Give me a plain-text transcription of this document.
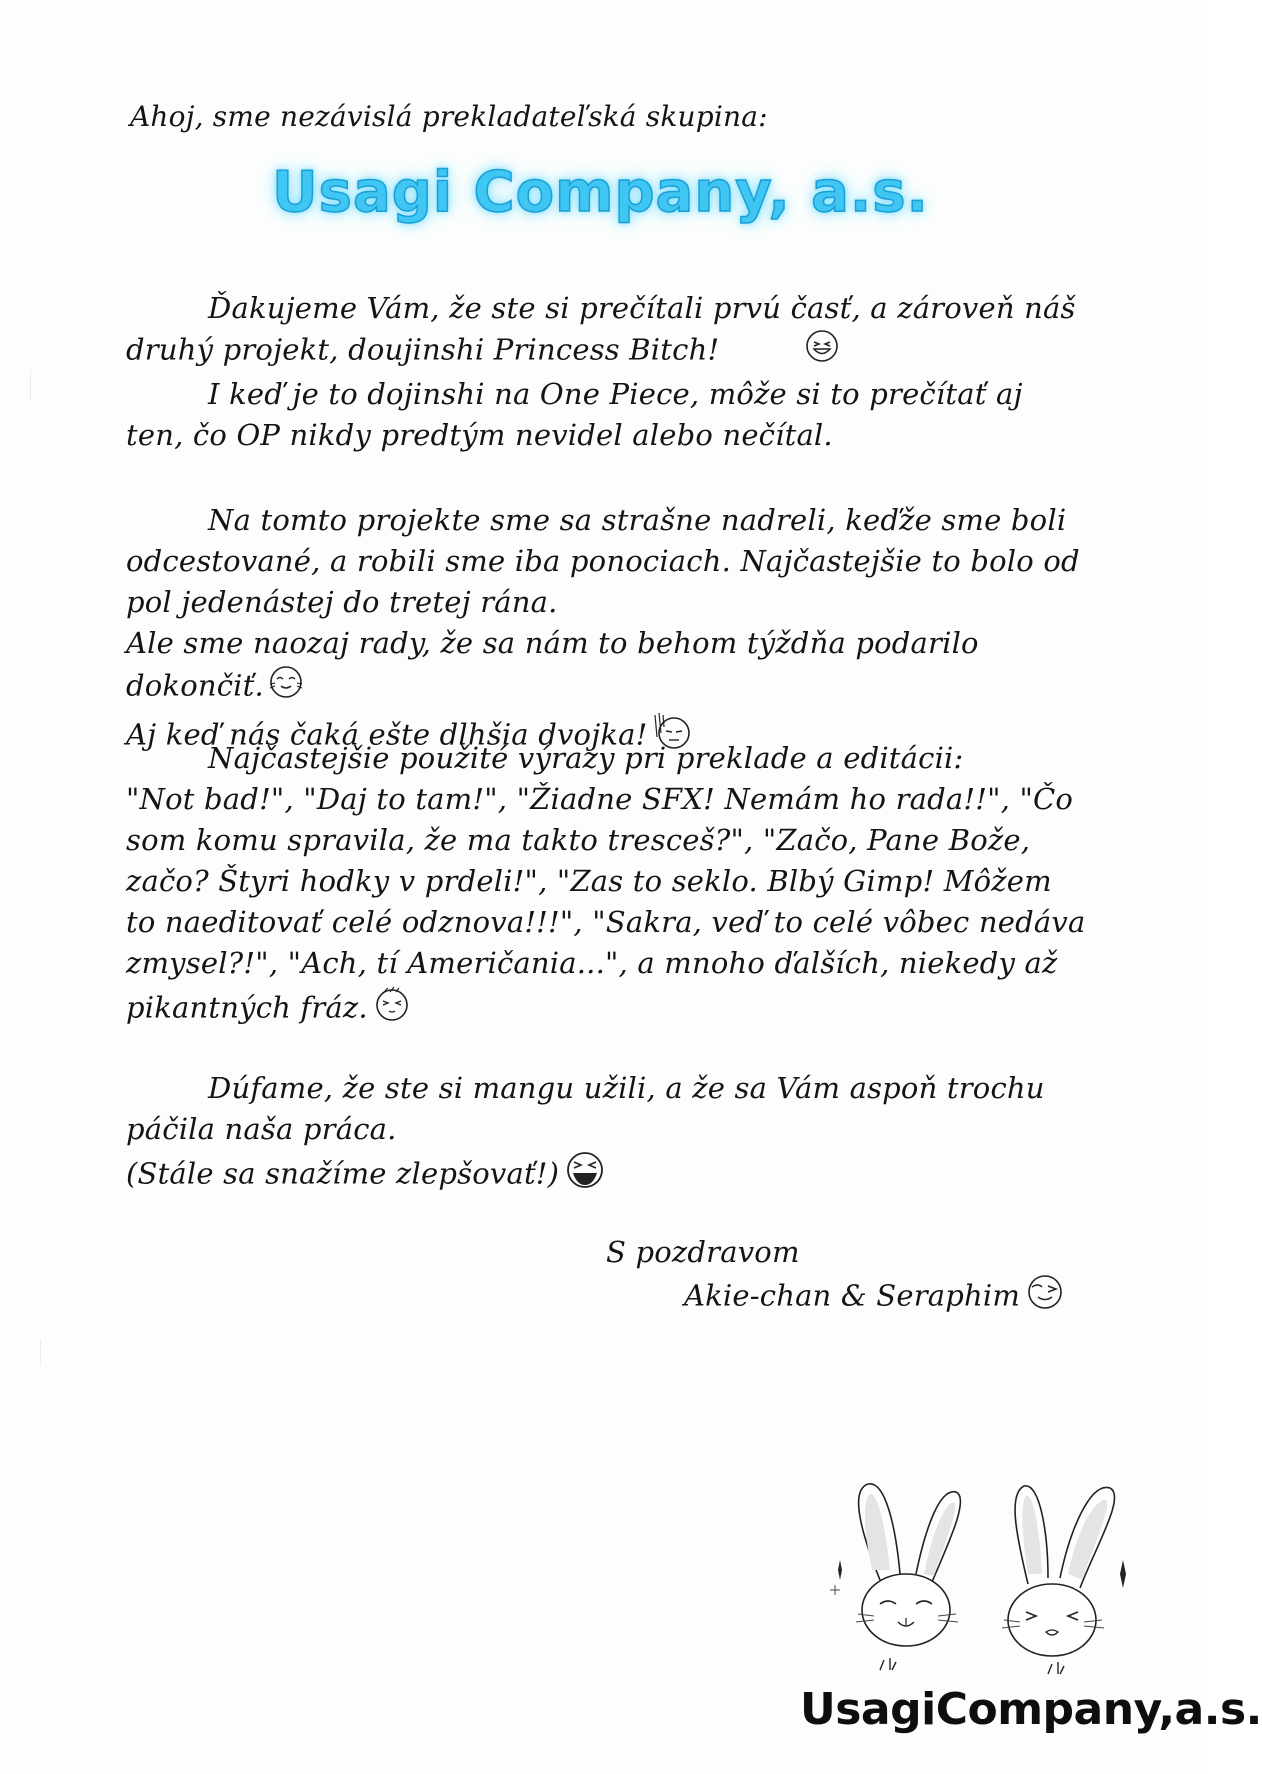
Ahoj, sme nezávislá prekladateľská skupina:

Usagi Company, a.s.

Ďakujeme Vám, že ste si prečítali prvú časť, a zároveň náš druhý projekt, doujinshi Princess Bitch!

I keď je to dojinshi na One Piece, môže si to prečítať aj ten, čo OP nikdy predtým nevidel alebo nečítal.

Na tomto projekte sme sa strašne nadreli, keďže sme boli odcestované, a robili sme iba ponociach. Najčastejšie to bolo od pol jedenástej do tretej rána.

Ale sme naozaj rady, že sa nám to behom týždňa podarilo dokončiť.

Aj keď nás čaká ešte dlhšia dvojka!

Najčastejšie použité výrazy pri preklade a editácii:

"Not bad!", "Daj to tam!", "Žiadne SFX! Nemám ho rada!!", "Čo som komu spravila, že ma takto tresceš?", "Začo, Pane Bože, začo? Štyri hodky v prdeli!", "Zas to seklo. Blbý Gimp! Môžem to naeditovať celé odznova!!!", "Sakra, veď to celé vôbec nedáva zmysel?!", "Ach, tí Američania...", a mnoho ďalších, niekedy až pikantných fráz.

Dúfame, že ste si mangu užili, a že sa Vám aspoň trochu páčila naša práca.

(Stále sa snažíme zlepšovať!)

S pozdravom

Akie-chan & Seraphim

UsagiCompany,a.s.
